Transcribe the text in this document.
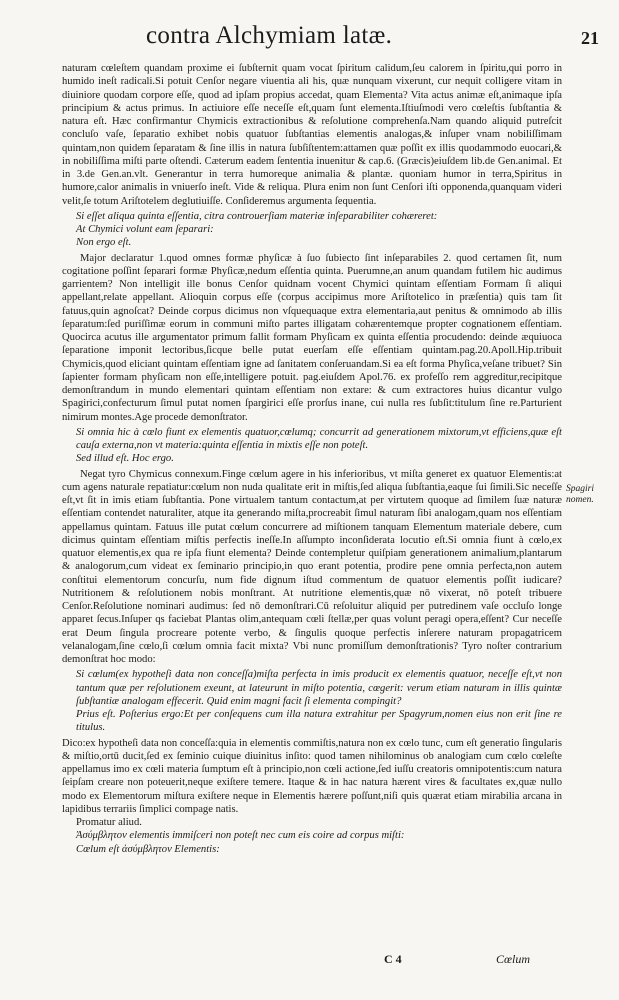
contra Alchymiam latæ.	21

naturam cœleſtem quandam proxime ei ſubſternit quam vocat ſpiritum calidum,ſeu calorem in ſpiritu,qui porro in humido ineſt radicali.Si potuit Cenſor negare viuentia ali his, quæ nunquam vixerunt, cur nequit colligere vitam in diuiniore quodam corpore eſſe, quod ad ipſam propius accedat, quam Elementa? Vita actus animæ eſt,animaque ipſa principium & actus primus. In actiuiore eſſe neceſſe eſt,quam ſunt elementa.Iſtiuſmodi vero cœleſtis ſubſtantia & natura eſt. Hæc confirmantur Chymicis extractionibus & reſolutione comprehenſa.Nam quando aliquid putreſcit concluſo vaſe, ſeparatio exhibet nobis quatuor ſubſtantias elementis analogas,& inſuper vnam nobiliſſimam quintam,non quidem ſeparatam & ſine illis in natura ſubſiſtentem:attamen quæ poſſit ex illis quodammodo euocari,& in nobiliſſima miſti parte oſtendi. Cæterum eadem ſententia inuenitur & cap.6. (Græcis)eiuſdem lib.de Gen.animal. Et in 3.de Gen.an.vlt. Generantur in terra humoreque animalia & plantæ. quoniam humor in terra,Spiritus in humore,calor animalis in vniuerſo ineſt. Vide & reliqua. Plura enim non ſunt Cenſori iſti opponenda,quanquam videri velit,ſe totum Ariſtotelem deglutiuiſſe. Conſideremus argumenta ſequentia.

Si eſſet aliqua quinta eſſentia, citra controuerſiam materiæ inſeparabiliter cohæreret:

At Chymici volunt eam ſeparari:

Non ergo eſt.

Major declaratur 1.quod omnes formæ phyſicæ à ſuo ſubiecto ſint inſeparabiles 2. quod certamen ſit, num cogitatione poſſint ſeparari formæ Phyſicæ,nedum eſſentia quinta. Puerumne,an anum quandam futilem hic audimus garrientem? Non intelligit ille bonus Cenſor quidnam vocent Chymici quintam eſſentiam Formam ſi aliqui appellant,relate appellant. Alioquin corpus eſſe (corpus accipimus more Ariſtotelico in præſentia) quis tam ſit fatuus,quin agnoſcat? Deinde corpus dicimus non vſquequaque extra elementaria,aut penitus & omnimodo ab illis ſeparatum:ſed puriſſimæ eorum in communi miſto partes illigatam cohærentemque propter cognationem eſſentiam. Quocirca acutus ille argumentator primum fallit formam Phyſicam ex quinta eſſentia procudendo: deinde æquiuoca ſeparatione imponit lectoribus,ſicque belle putat euerſam eſſe eſſentiam quintam.pag.20.Apoll.Hip.tribuit Chymicis,quod eliciant quintam eſſentiam igne ad ſanitatem conſeruandam.Si ea eſt forma Phyſica,veſane tribuet? Sin ſapienter formam phyſicam non eſſe,intelligere potuit. pag.eiuſdem Apol.76. ex profeſſo rem aggreditur,recipitque demonſtrandum in mundo elementari quintam eſſentiam non extare: & cum extractores huius dicantur vulgo Spagirici,confecturum ſimul putat nomen ſpargirici eſſe prorſus inane, cui nulla res ſubſit:titulum ſine re.Parturient nimirum montes.Age procede demonſtrator.

Si omnia hic à cœlo fiunt ex elementis quatuor,cœlumq; concurrit ad generationem mixtorum,vt efficiens,quæ eſt cauſa externa,non vt materia:quinta eſſentia in mixtis eſſe non poteſt.

Sed illud eſt. Hoc ergo.

Negat tyro Chymicus connexum.Finge cœlum agere in his inferioribus, vt miſta generet ex quatuor Elementis:at cum agens naturale repatiatur:cœlum non nuda qualitate erit in miſtis,ſed aliqua ſubſtantia,eaque ſui ſimili.Sic neceſſe eſt,vt ſit in imis etiam ſubſtantia. Pone virtualem tantum contactum,at per virtutem quoque ad ſimilem ſuæ naturæ eſſentiam contendet naturaliter, atque ita generando miſta,procreabit ſimul naturam ſibi analogam,quam nos eſſentiam appellamus quintam. Fatuus ille putat cœlum concurrere ad miſtionem tanquam Elementum materiale debere, cum dicimus quintam eſſentiam miſtis perfectis ineſſe.In aſſumpto inconſiderata locutio eſt.Si omnia fiunt à cœlo,ex quatuor elementis,ex qua re ipſa fiunt elementa? Deinde contempletur quiſpiam generationem animalium,plantarum & analogorum,cum videat ex ſeminario principio,in quo erant potentia, prodire pene omnia perfecta,non autem conſtitui elementorum concurſu, num fide dignum iſtud commentum de quatuor elementis poſſit iudicare? Nutritionem & reſolutionem nobis monſtrant. At nutritione elementis,quæ nō vixerat, nō poteſt tribuere Cenſor.Reſolutione nominari audimus: ſed nō demonſtrari.Cū reſoluitur aliquid per putredinem vaſe occluſo longe apparet ſecus.Inſuper qs faciebat Plantas olim,antequam cœli ſtellæ,per quas volunt peragi opera,eſſent? Cur neceſſe erat Deum ſingula procreare potente verbo, & ſingulis quoque perfectis inſerere naturam propagatricem velanalogam,ſine cœlo,ſi cœlum omnia facit mixta? Vbi nunc promiſſum demonſtrationis? Tyro noſter contrarium demonſtrat hoc modo:

Si cœlum(ex hypotheſi data non conceſſa)miſta perfecta in imis producit ex elementis quatuor, neceſſe eſt,vt non tantum quæ per reſolutionem exeunt, at lateurunt in miſto potentia, cœgerit: verum etiam naturam in illis quintæ ſubſtantiæ analogam effecerit. Quid enim magni facit ſi elementa compingit?

Prius eſt. Poſterius ergo:Et per conſequens cum illa natura extrahitur per Spagyrum,nomen eius non erit ſine re titulus.

Dico:ex hypotheſi data non conceſſa:quia in elementis commiſtis,natura non ex cœlo tunc, cum eſt generatio ſingularis & miſtio,ortū ducit,ſed ex ſeminio cuique diuinitus inſito: quod tamen nihilominus ob analogiam cum cœlo cœleſte appellamus imo ex cœli materia ſumptum eſt à principio,non cœli actione,ſed iuſſu creatoris omnipotentis:cum natura ſeipſam creare non poteuerit,neque exiſtere temere. Itaque & in hac natura hærent vires & facultates ex,quæ nullo modo ex Elementorum miſtura exiſtere neque in Elementis hærere poſſunt,niſi quis quærat etiam mirabilia arcana in lapidibus terrariis ſimplici compage natis.

Promatur aliud.

Ἀσύμβλητον elementis immiſceri non poteſt nec cum eis coire ad corpus miſti:

Cœlum eſt ἀσύμβλητον Elementis:

Spagiri nomen.
C 4	Cœlum
